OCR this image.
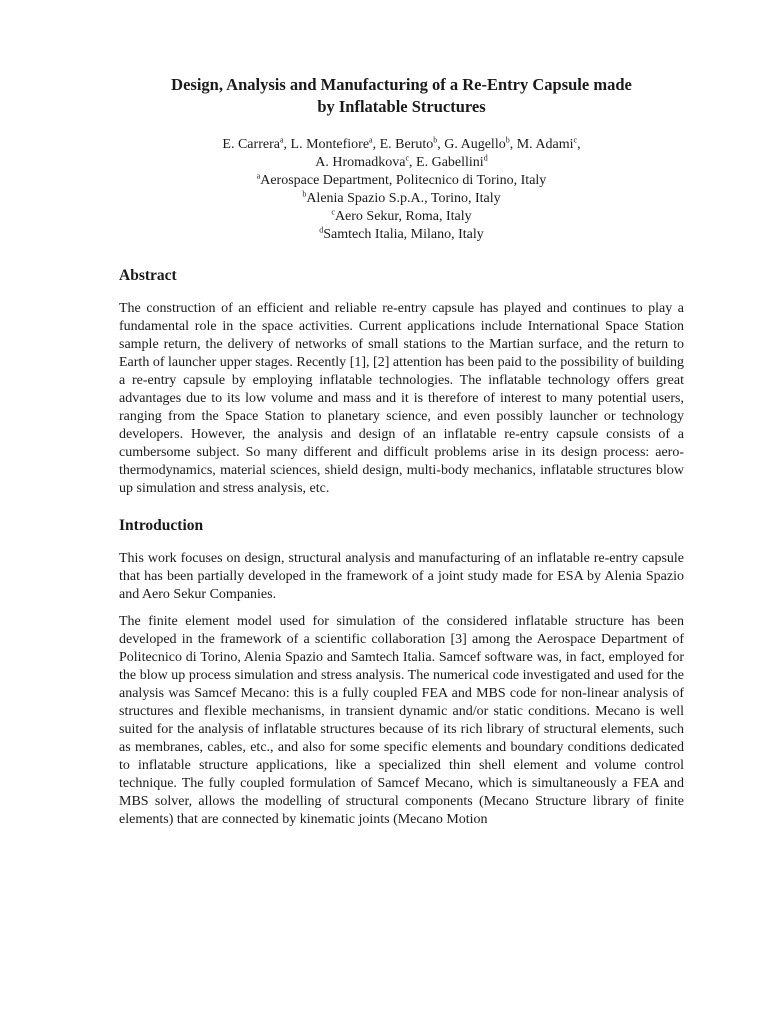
Design, Analysis and Manufacturing of a Re-Entry Capsule made
by Inflatable Structures
E. Carrera$^a$, L. Montefiore$^a$, E. Beruto$^b$, G. Augello$^b$, M. Adami$^c$,
A. Hromadkova$^c$, E. Gabellini$^d$
$^a$Aerospace Department, Politecnico di Torino, Italy
$^b$Alenia Spazio S.p.A., Torino, Italy
$^c$Aero Sekur, Roma, Italy
$^d$Samtech Italia, Milano, Italy
Abstract

The construction of an efficient and reliable re-entry capsule has played and continues to play a fundamental role in the space activities. Current applications include International Space Station sample return, the delivery of networks of small stations to the Martian surface, and the return to Earth of launcher upper stages. Recently [1], [2] attention has been paid to the possibility of building a re-entry capsule by employing inflatable technologies. The inflatable technology offers great advantages due to its low volume and mass and it is therefore of interest to many potential users, ranging from the Space Station to planetary science, and even possibly launcher or technology developers. However, the analysis and design of an inflatable re-entry capsule consists of a cumbersome subject. So many different and difficult problems arise in its design process: aero-thermodynamics, material sciences, shield design, multi-body mechanics, inflatable structures blow up simulation and stress analysis, etc.

Introduction

This work focuses on design, structural analysis and manufacturing of an inflatable re-entry capsule that has been partially developed in the framework of a joint study made for ESA by Alenia Spazio and Aero Sekur Companies.

The finite element model used for simulation of the considered inflatable structure has been developed in the framework of a scientific collaboration [3] among the Aerospace Department of Politecnico di Torino, Alenia Spazio and Samtech Italia. Samcef software was, in fact, employed for the blow up process simulation and stress analysis. The numerical code investigated and used for the analysis was Samcef Mecano: this is a fully coupled FEA and MBS code for non-linear analysis of structures and flexible mechanisms, in transient dynamic and/or static conditions. Mecano is well suited for the analysis of inflatable structures because of its rich library of structural elements, such as membranes, cables, etc., and also for some specific elements and boundary conditions dedicated to inflatable structure applications, like a specialized thin shell element and volume control technique. The fully coupled formulation of Samcef Mecano, which is simultaneously a FEA and MBS solver, allows the modelling of structural components (Mecano Structure library of finite elements) that are connected by kinematic joints (Mecano Motion
